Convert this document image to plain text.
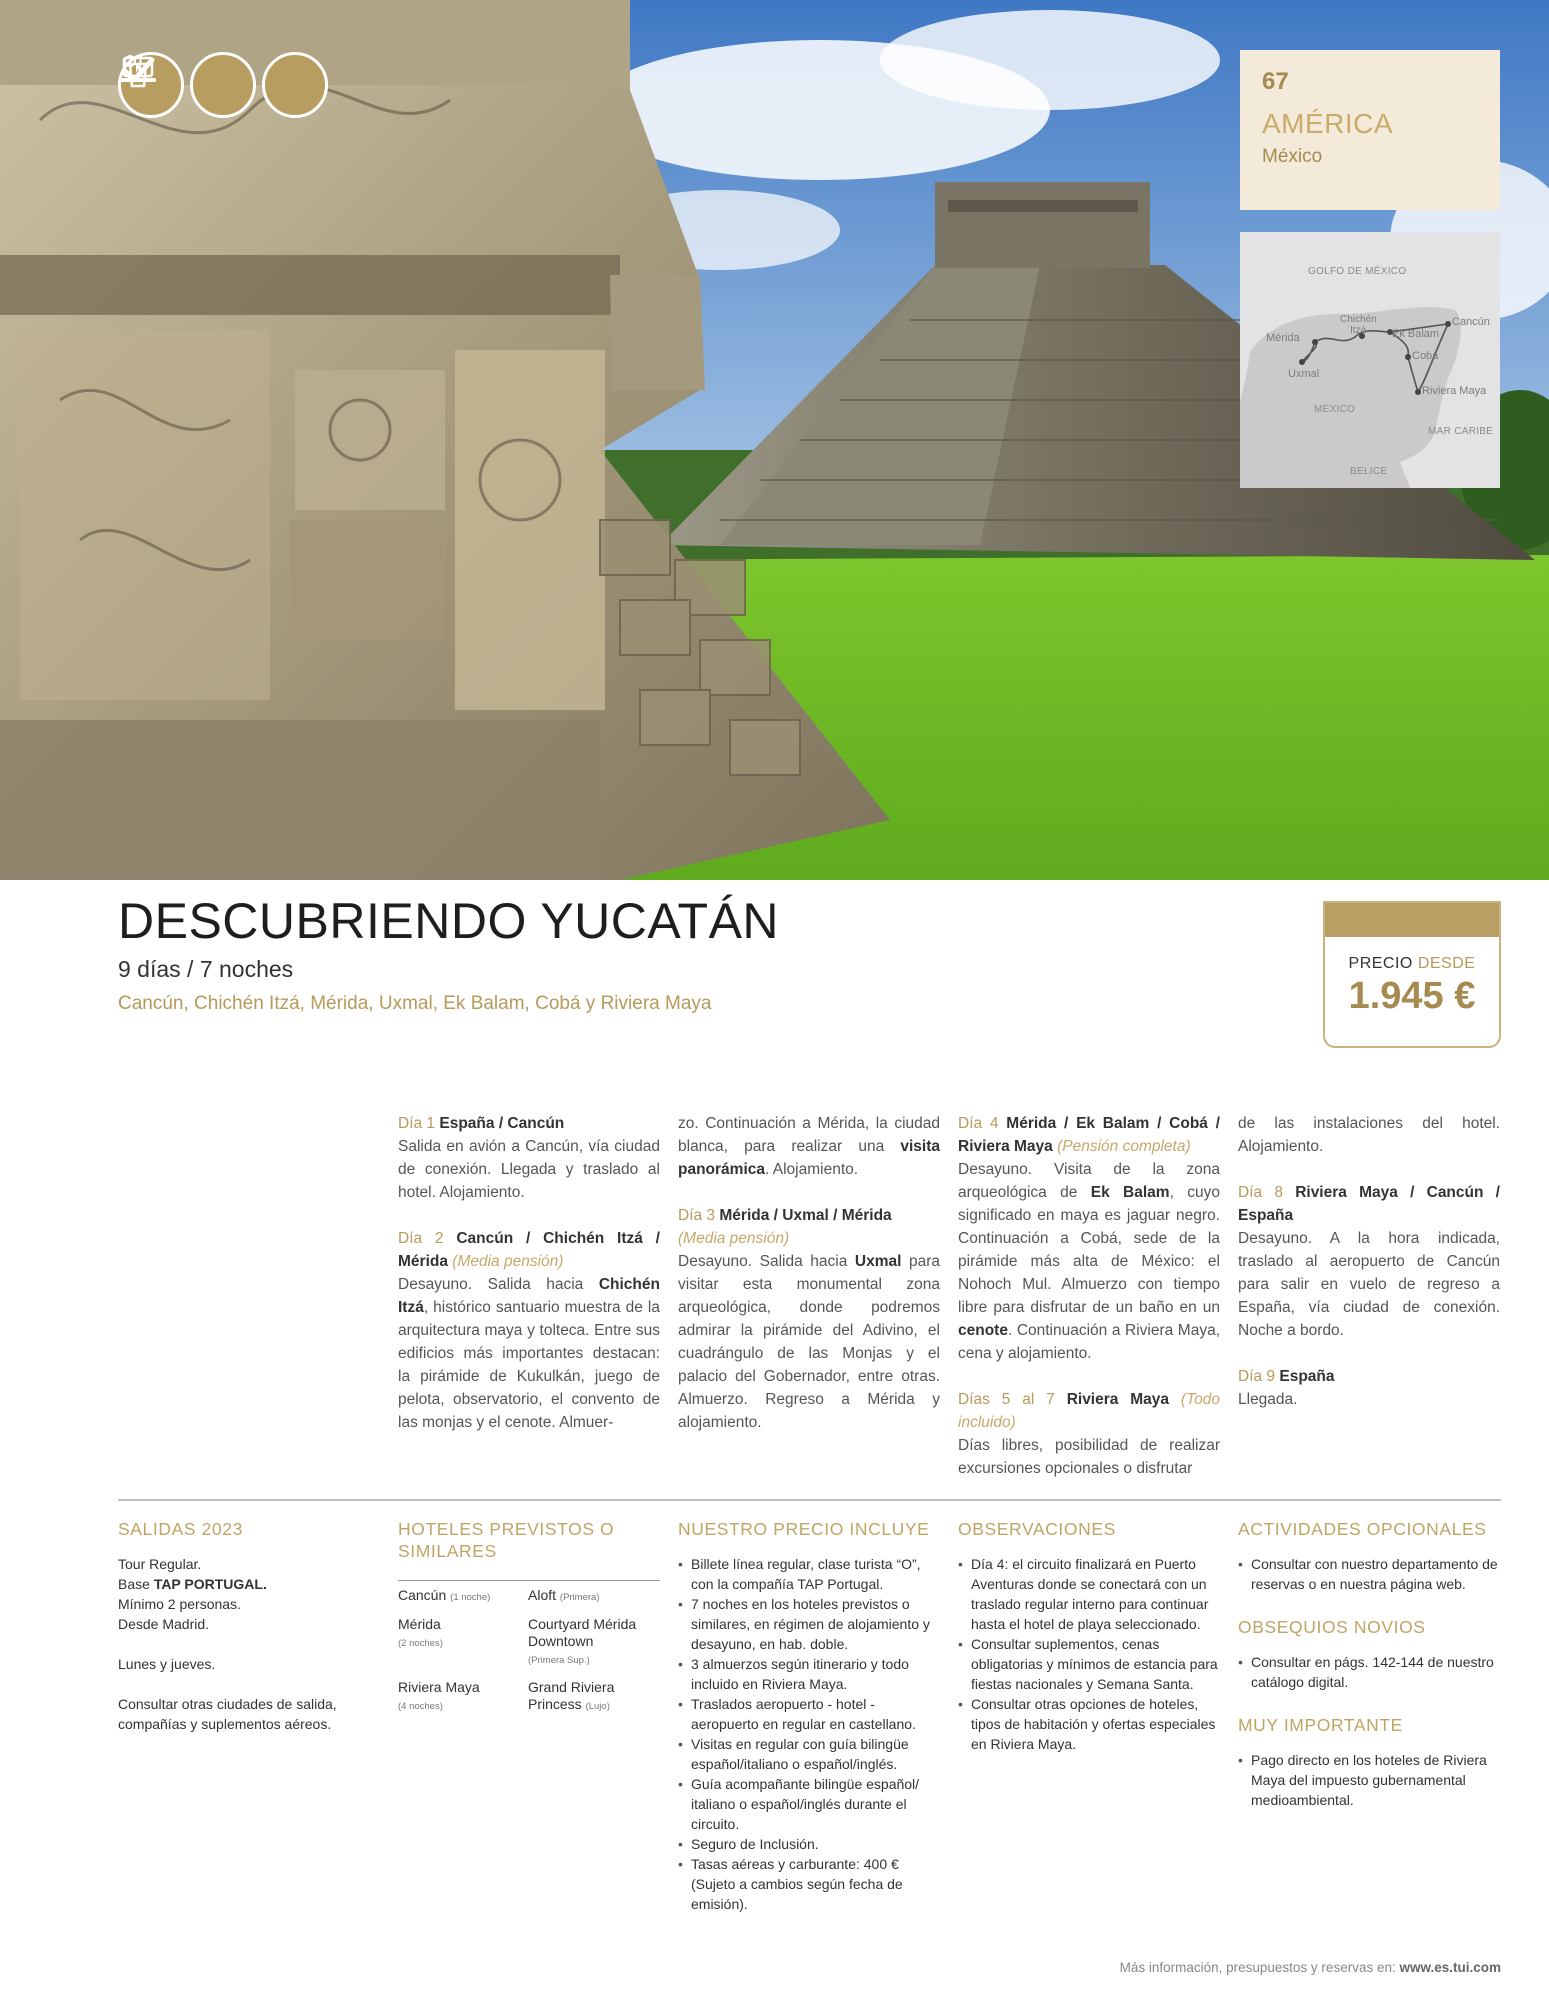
67
AMÉRICA
México
GOLFO DE MÉXICO
Mérida
Chichén Itzá	Ek Balam
Cancún
Cobá
Uxmal
Riviera Maya
MÉXICO
MAR CARIBE
BELICE
DESCUBRIENDO YUCATÁN
9 días / 7 noches
Cancún, Chichén Itzá, Mérida, Uxmal, Ek Balam, Cobá y Riviera Maya
PRECIO DESDE
1.945 €

Día 1 España / Cancún
Salida en avión a Cancún, vía ciudad de conexión. Llegada y traslado al hotel. Alojamiento.

Día 2 Cancún / Chichén Itzá / Mérida (Media pensión)
Desayuno. Salida hacia Chichén Itzá, histórico santuario muestra de la arquitectura maya y tolteca. Entre sus edificios más importantes destacan: la pirámide de Kukulkán, juego de pelota, observatorio, el convento de las monjas y el cenote. Almuer-

zo. Continuación a Mérida, la ciudad blanca, para realizar una visita panorámica. Alojamiento.

Día 3 Mérida / Uxmal / Mérida
(Media pensión)
Desayuno. Salida hacia Uxmal para visitar esta monumental zona arqueológica, donde podremos admirar la pirámide del Adivino, el cuadrángulo de las Monjas y el palacio del Gobernador, entre otras. Almuerzo. Regreso a Mérida y alojamiento.

Día 4 Mérida / Ek Balam / Cobá / Riviera Maya (Pensión completa)
Desayuno. Visita de la zona arqueológica de Ek Balam, cuyo significado en maya es jaguar negro. Continuación a Cobá, sede de la pirámide más alta de México: el Nohoch Mul. Almuerzo con tiempo libre para disfrutar de un baño en un cenote. Continuación a Riviera Maya, cena y alojamiento.

Días 5 al 7 Riviera Maya (Todo incluido)
Días libres, posibilidad de realizar excursiones opcionales o disfrutar

de las instalaciones del hotel. Alojamiento.

Día 8 Riviera Maya / Cancún / España
Desayuno. A la hora indicada, traslado al aeropuerto de Cancún para salir en vuelo de regreso a España, vía ciudad de conexión. Noche a bordo.

Día 9 España
Llegada.

SALIDAS 2023
Tour Regular.
Base TAP PORTUGAL.
Mínimo 2 personas.
Desde Madrid.
Lunes y jueves.
Consultar otras ciudades de salida, compañías y suplementos aéreos.
HOTELES PREVISTOS O SIMILARES
Cancún (1 noche)	Aloft (Primera)
Mérida
(2 noches)
Courtyard Mérida Downtown
(Primera Sup.)
Riviera Maya
(4 noches)
Grand Riviera Princess (Lujo)
NUESTRO PRECIO INCLUYE
• Billete línea regular, clase turista “O”, con la compañía TAP Portugal.
• 7 noches en los hoteles previstos o similares, en régimen de alojamiento y desayuno, en hab. doble.
• 3 almuerzos según itinerario y todo incluido en Riviera Maya.
• Traslados aeropuerto - hotel - aeropuerto en regular en castellano.
• Visitas en regular con guía bilingüe español/italiano o español/inglés.
• Guía acompañante bilingüe español/ italiano o español/inglés durante el circuito.
• Seguro de Inclusión.
• Tasas aéreas y carburante: 400 € (Sujeto a cambios según fecha de emisión).
OBSERVACIONES
• Día 4: el circuito finalizará en Puerto Aventuras donde se conectará con un traslado regular interno para continuar hasta el hotel de playa seleccionado.
• Consultar suplementos, cenas obligatorias y mínimos de estancia para fiestas nacionales y Semana Santa.
• Consultar otras opciones de hoteles, tipos de habitación y ofertas especiales en Riviera Maya.
ACTIVIDADES OPCIONALES
• Consultar con nuestro departamento de reservas o en nuestra página web.
OBSEQUIOS NOVIOS
• Consultar en págs. 142-144 de nuestro catálogo digital.
MUY IMPORTANTE
• Pago directo en los hoteles de Riviera Maya del impuesto gubernamental medioambiental.
Más información, presupuestos y reservas en: www.es.tui.com
